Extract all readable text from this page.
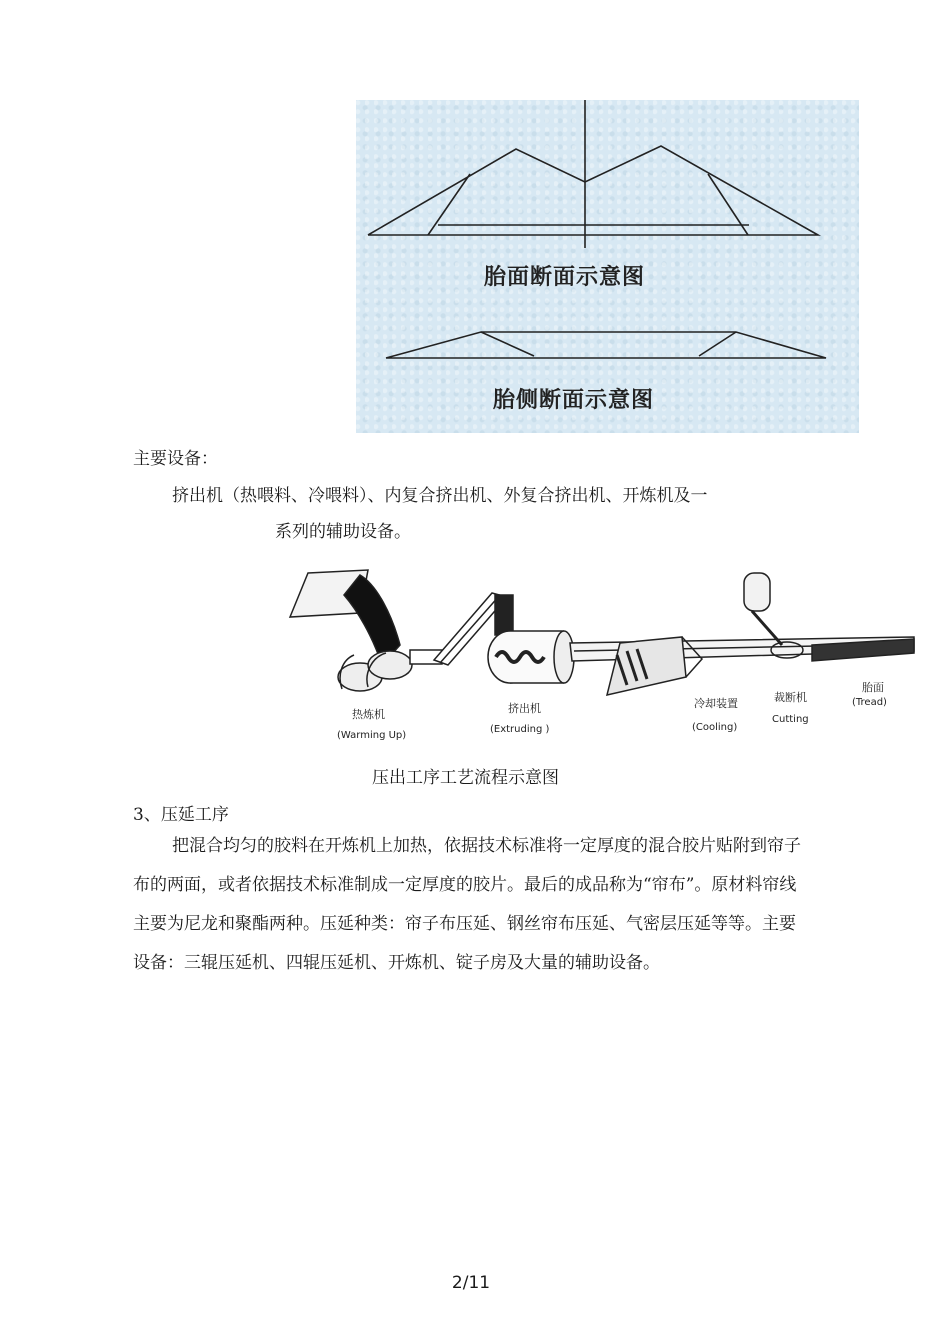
胎面断面示意图
胎侧断面示意图
主要设备：
挤出机（热喂料、冷喂料）、内复合挤出机、外复合挤出机、开炼机及一
系列的辅助设备。
热炼机
(Warming Up)
挤出机
(Extruding )
冷却装置
(Cooling)
裁断机
Cutting
胎面
(Tread)
压出工序工艺流程示意图
3、压延工序
把混合均匀的胶料在开炼机上加热，依据技术标准将一定厚度的混合胶片贴附到帘子布的两面，或者依据技术标准制成一定厚度的胶片。最后的成品称为“帘布”。原材料帘线主要为尼龙和聚酯两种。压延种类：帘子布压延、钢丝帘布压延、气密层压延等等。主要设备：三辊压延机、四辊压延机、开炼机、锭子房及大量的辅助设备。
2/11
